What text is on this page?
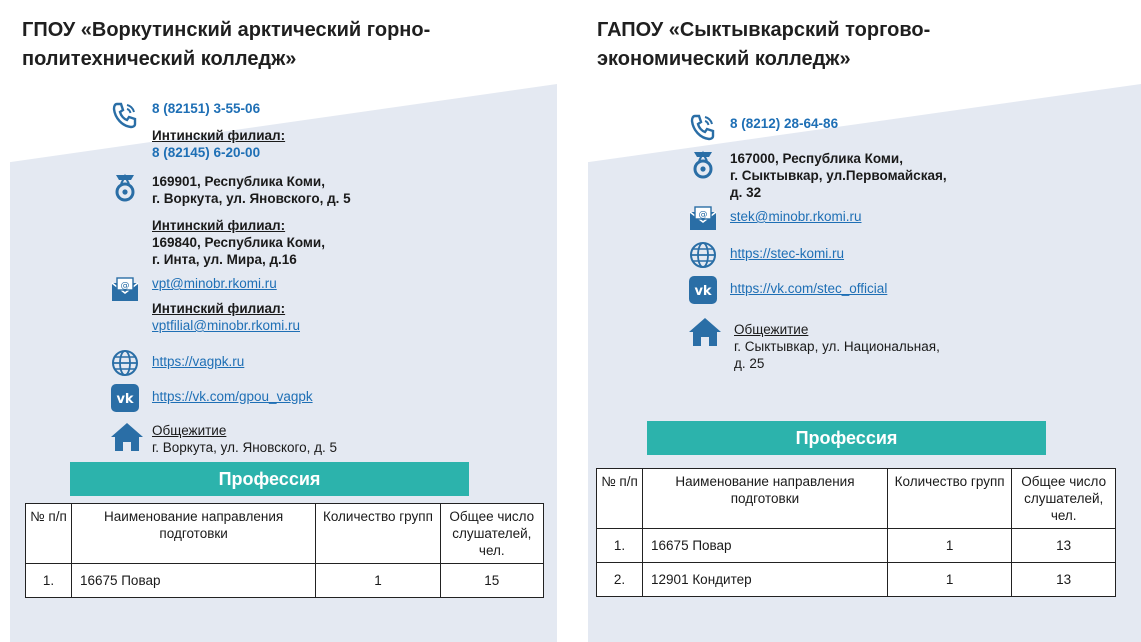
ГПОУ «Воркутинский арктический горно-
политехнический колледж»
8 (82151) 3-55-06
Интинский филиал:
8 (82145) 6-20-00
169901, Республика Коми,
г. Воркута, ул. Яновского, д. 5
Интинский филиал:
169840, Республика Коми,
г. Инта, ул. Мира, д.16
@ vpt@minobr.rkomi.ru
Интинский филиал:
vptfilial@minobr.rkomi.ru
https://vagpk.ru
vk https://vk.com/gpou_vagpk
Общежитие
г. Воркута, ул. Яновского, д. 5
Профессия
№ п/п	Наименование направления подготовки	Количество групп	Общее число слушателей, чел.
1.	16675 Повар	1	15
ГАПОУ «Сыктывкарский торгово-
экономический колледж»
8 (8212) 28-64-86
167000, Республика Коми,
г. Сыктывкар, ул.Первомайская,
д. 32
@ stek@minobr.rkomi.ru
https://stec-komi.ru
vk https://vk.com/stec_official
Общежитие
г. Сыктывкар, ул. Национальная,
д. 25
Профессия
№ п/п	Наименование направления подготовки	Количество групп	Общее число слушателей, чел.
1.	16675 Повар	1	13
2.	12901 Кондитер	1	13
